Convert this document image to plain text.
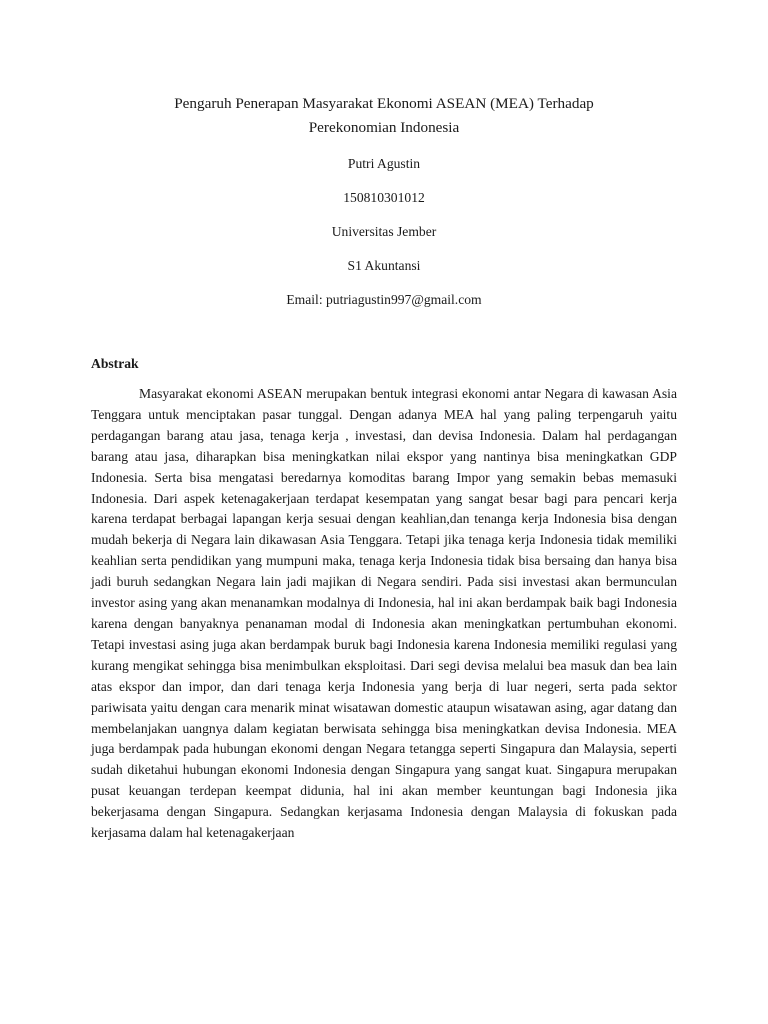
Pengaruh Penerapan Masyarakat Ekonomi ASEAN (MEA) Terhadap
Perekonomian Indonesia

Putri Agustin

150810301012

Universitas Jember

S1 Akuntansi

Email: putriagustin997@gmail.com

Abstrak

Masyarakat ekonomi ASEAN merupakan bentuk integrasi ekonomi antar Negara di kawasan Asia Tenggara untuk menciptakan pasar tunggal. Dengan adanya MEA hal yang paling terpengaruh yaitu perdagangan barang atau jasa, tenaga kerja , investasi, dan devisa Indonesia. Dalam hal perdagangan barang atau jasa, diharapkan bisa meningkatkan nilai ekspor yang nantinya bisa meningkatkan GDP Indonesia. Serta bisa mengatasi beredarnya komoditas barang Impor yang semakin bebas memasuki Indonesia. Dari aspek ketenagakerjaan terdapat kesempatan yang sangat besar bagi para pencari kerja karena terdapat berbagai lapangan kerja sesuai dengan keahlian,dan tenanga kerja Indonesia bisa dengan mudah bekerja di Negara lain dikawasan Asia Tenggara. Tetapi jika tenaga kerja Indonesia tidak memiliki keahlian serta pendidikan yang mumpuni maka, tenaga kerja Indonesia tidak bisa bersaing dan hanya bisa jadi buruh sedangkan Negara lain jadi majikan di Negara sendiri. Pada sisi investasi akan bermunculan investor asing yang akan menanamkan modalnya di Indonesia, hal ini akan berdampak baik bagi Indonesia karena dengan banyaknya penanaman modal di Indonesia akan meningkatkan pertumbuhan ekonomi. Tetapi investasi asing juga akan berdampak buruk bagi Indonesia karena Indonesia memiliki regulasi yang kurang mengikat sehingga bisa menimbulkan eksploitasi. Dari segi devisa melalui bea masuk dan bea lain atas ekspor dan impor, dan dari tenaga kerja Indonesia yang berja di luar negeri, serta pada sektor pariwisata yaitu dengan cara menarik minat wisatawan domestic ataupun wisatawan asing, agar datang dan membelanjakan uangnya dalam kegiatan berwisata sehingga bisa meningkatkan devisa Indonesia. MEA juga berdampak pada hubungan ekonomi dengan Negara tetangga seperti Singapura dan Malaysia, seperti sudah diketahui hubungan ekonomi Indonesia dengan Singapura yang sangat kuat. Singapura merupakan pusat keuangan terdepan keempat didunia, hal ini akan member keuntungan bagi Indonesia jika bekerjasama dengan Singapura. Sedangkan kerjasama Indonesia dengan Malaysia di fokuskan pada kerjasama dalam hal ketenagakerjaan
